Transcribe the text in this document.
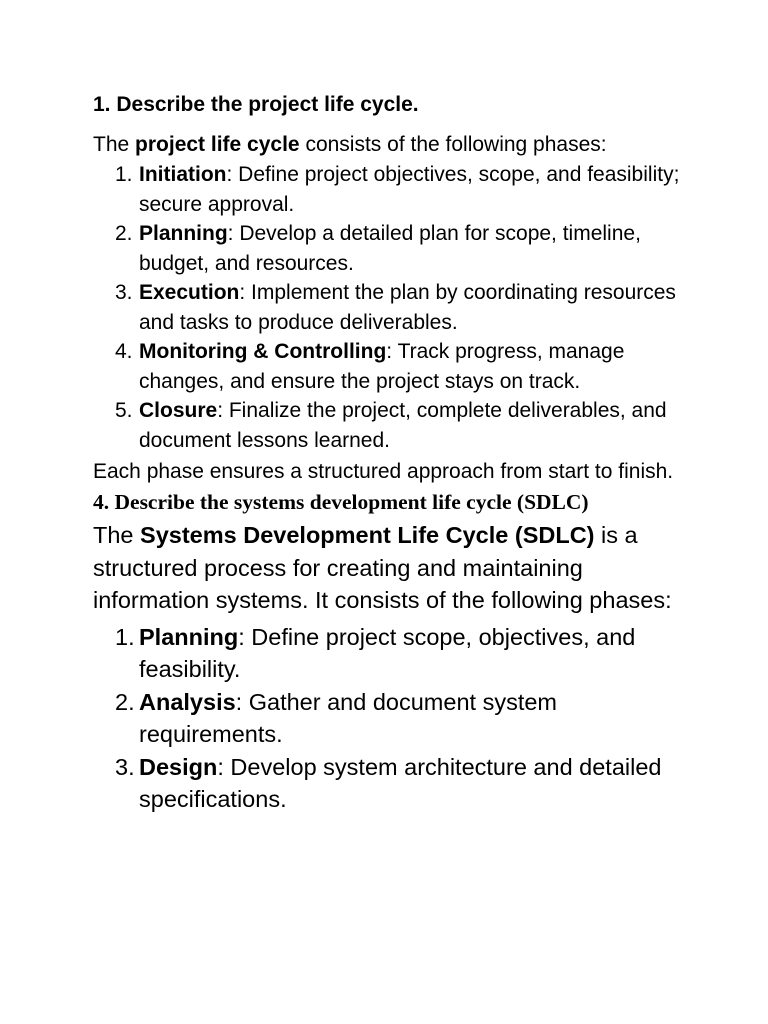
1. Describe the project life cycle.

The project life cycle consists of the following phases:

1. Initiation: Define project objectives, scope, and feasibility; secure approval.
2. Planning: Develop a detailed plan for scope, timeline, budget, and resources.
3. Execution: Implement the plan by coordinating resources and tasks to produce deliverables.
4. Monitoring & Controlling: Track progress, manage changes, and ensure the project stays on track.
5. Closure: Finalize the project, complete deliverables, and document lessons learned.

Each phase ensures a structured approach from start to finish.

4. Describe the systems development life cycle (SDLC)

The Systems Development Life Cycle (SDLC) is a structured process for creating and maintaining information systems. It consists of the following phases:

1. Planning: Define project scope, objectives, and feasibility.
2. Analysis: Gather and document system requirements.
3. Design: Develop system architecture and detailed specifications.
